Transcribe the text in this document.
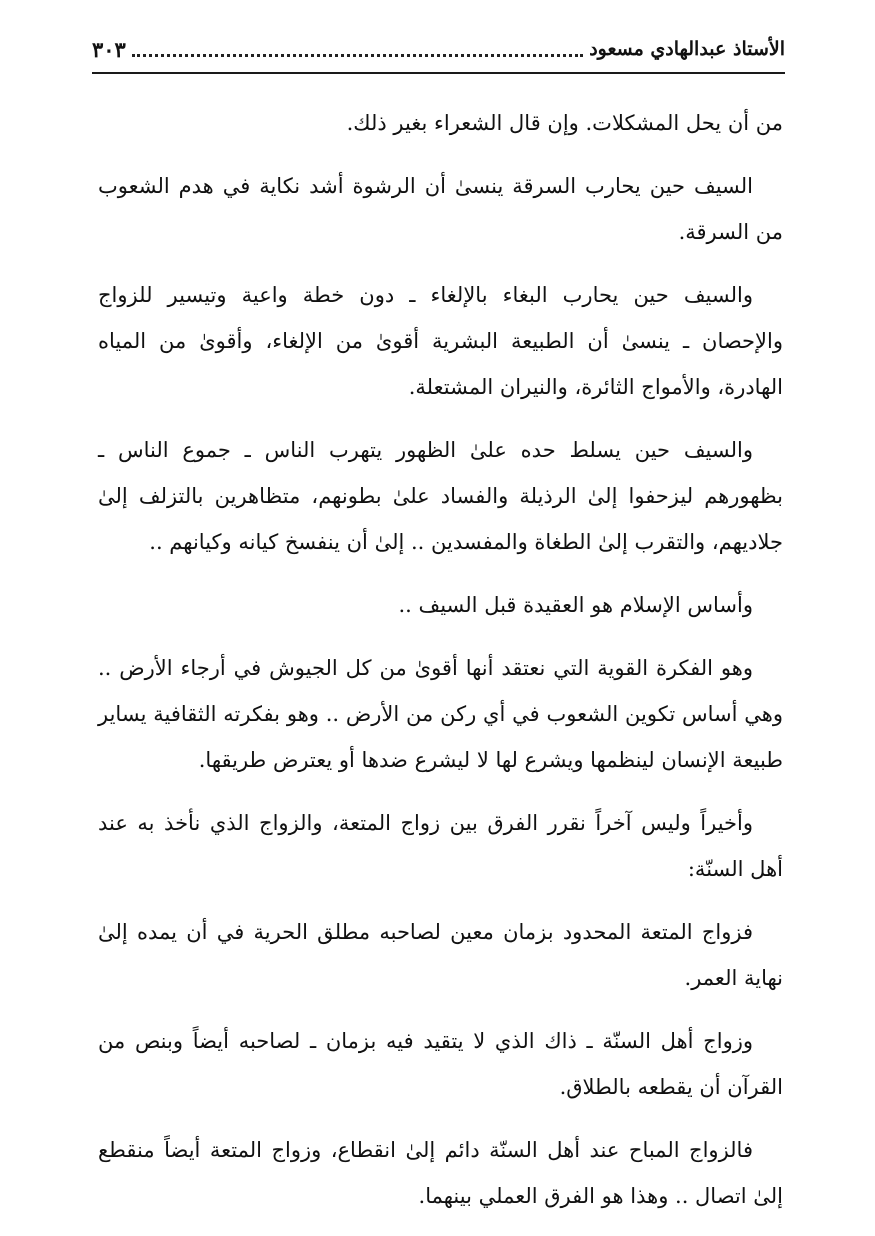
الأستاذ عبدالهادي مسعود
٣٠٣

من أن يحل المشكلات. وإن قال الشعراء بغير ذلك.

السيف حين يحارب السرقة ينسىٰ أن الرشوة أشد نكاية في هدم الشعوب من السرقة.

والسيف حين يحارب البغاء بالإلغاء ـ دون خطة واعية وتيسير للزواج والإحصان ـ ينسىٰ أن الطبيعة البشرية أقوىٰ من الإلغاء، وأقوىٰ من المياه الهادرة، والأمواج الثائرة، والنيران المشتعلة.

والسيف حين يسلط حده علىٰ الظهور يتهرب الناس ـ جموع الناس ـ بظهورهم ليزحفوا إلىٰ الرذيلة والفساد علىٰ بطونهم، متظاهرين بالتزلف إلىٰ جلاديهم، والتقرب إلىٰ الطغاة والمفسدين .. إلىٰ أن ينفسخ كيانه وكيانهم ..

وأساس الإسلام هو العقيدة قبل السيف ..

وهو الفكرة القوية التي نعتقد أنها أقوىٰ من كل الجيوش في أرجاء الأرض .. وهي أساس تكوين الشعوب في أي ركن من الأرض .. وهو بفكرته الثقافية يساير طبيعة الإنسان لينظمها ويشرع لها لا ليشرع ضدها أو يعترض طريقها.

وأخيراً وليس آخراً نقرر الفرق بين زواج المتعة، والزواج الذي نأخذ به عند أهل السنّة:

فزواج المتعة المحدود بزمان معين لصاحبه مطلق الحرية في أن يمده إلىٰ نهاية العمر.

وزواج أهل السنّة ـ ذاك الذي لا يتقيد فيه بزمان ـ لصاحبه أيضاً وبنص من القرآن أن يقطعه بالطلاق.

فالزواج المباح عند أهل السنّة دائم إلىٰ انقطاع، وزواج المتعة أيضاً منقطع إلىٰ اتصال .. وهذا هو الفرق العملي بينهما.
